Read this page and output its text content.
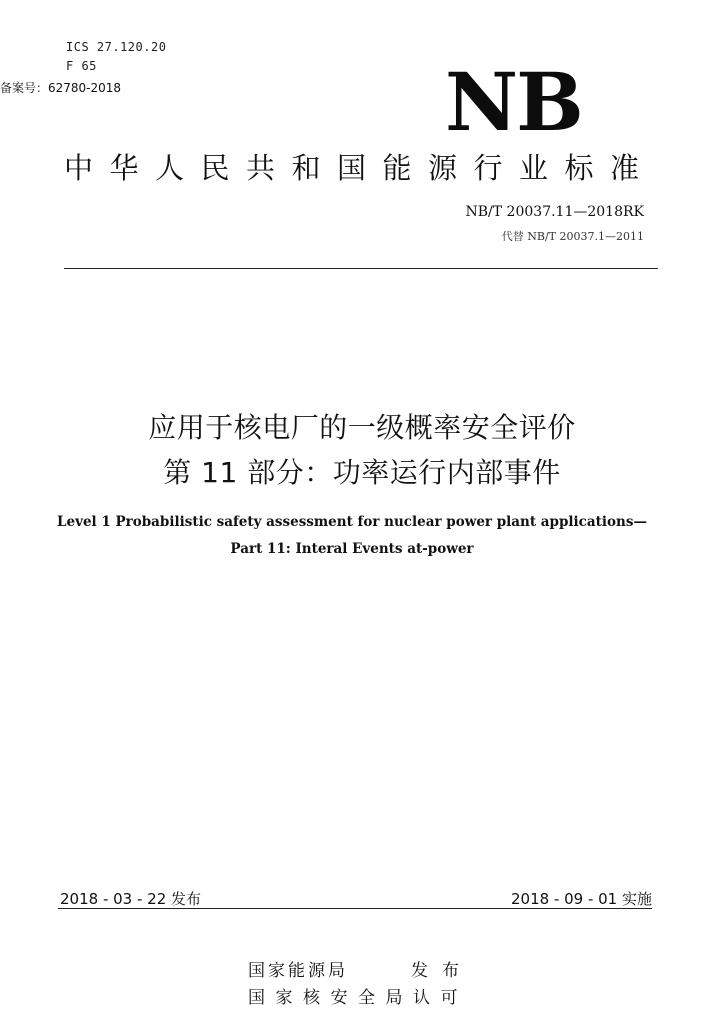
ICS 27.120.20
F 65
备案号：62780-2018	NB
中华人民共和国能源行业标准
NB/T 20037.11—2018RK
代替 NB/T 20037.1—2011
应用于核电厂的一级概率安全评价
第 11 部分：功率运行内部事件
Level 1 Probabilistic safety assessment for nuclear power plant applications—
Part 11: Interal Events at-power
2018 - 03 - 22 发布	2018 - 09 - 01 实施
国家能源局	发布
国家核安全局认可
